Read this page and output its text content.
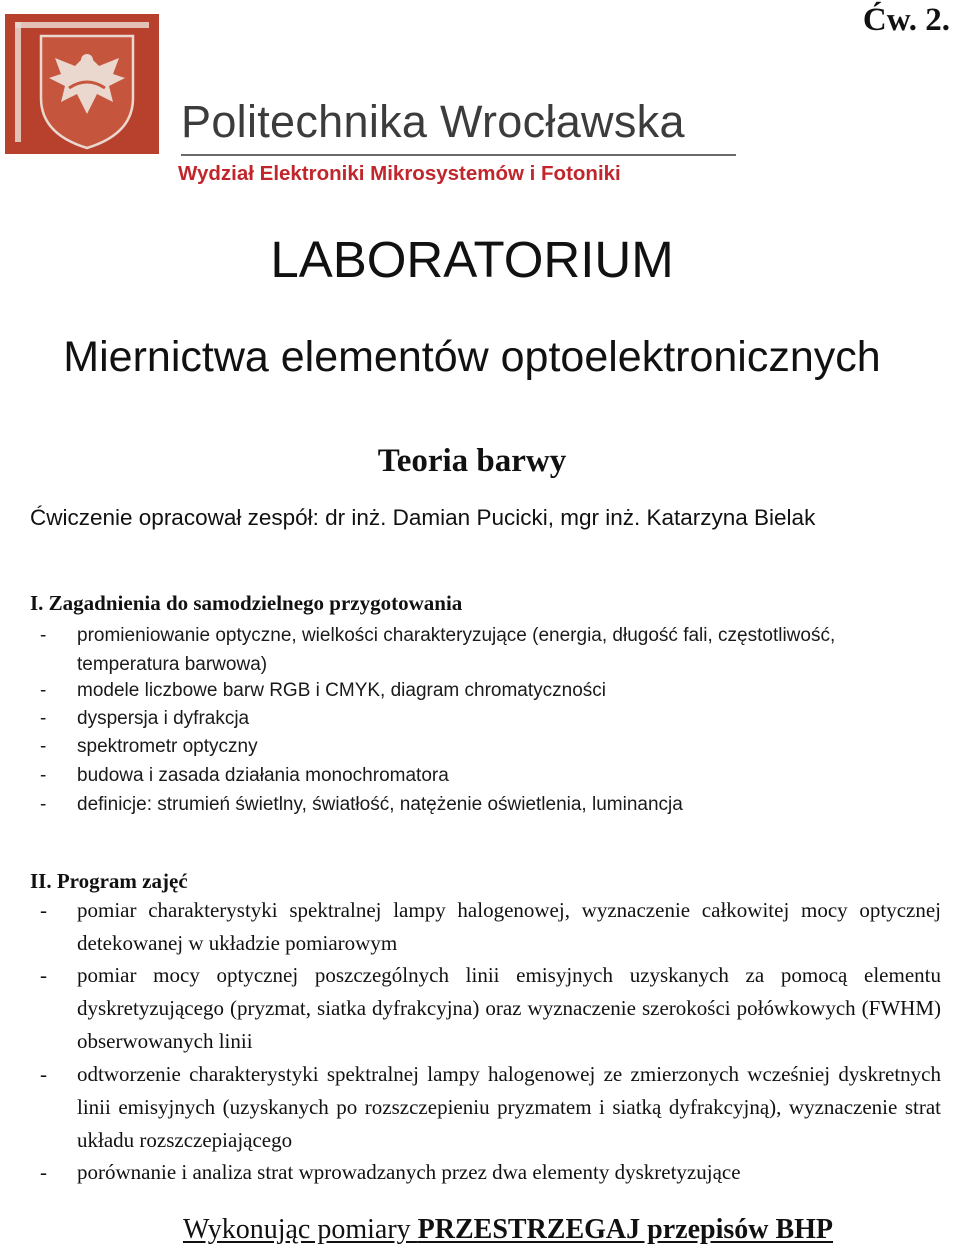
Ćw. 2.
Politechnika Wrocławska
Wydział Elektroniki Mikrosystemów i Fotoniki
LABORATORIUM
Miernictwa elementów optoelektronicznych
Teoria barwy
Ćwiczenie opracował zespół: dr inż. Damian Pucicki, mgr inż. Katarzyna Bielak
I. Zagadnienia do samodzielnego przygotowania
- promieniowanie optyczne, wielkości charakteryzujące (energia, długość fali, częstotliwość, temperatura barwowa)
- modele liczbowe barw RGB i CMYK, diagram chromatyczności
- dyspersja i dyfrakcja
- spektrometr optyczny
- budowa i zasada działania monochromatora
- definicje: strumień świetlny, światłość, natężenie oświetlenia, luminancja
II. Program zajęć
- pomiar charakterystyki spektralnej lampy halogenowej, wyznaczenie całkowitej mocy optycznej detekowanej w układzie pomiarowym
- pomiar mocy optycznej poszczególnych linii emisyjnych uzyskanych za pomocą elementu dyskretyzującego (pryzmat, siatka dyfrakcyjna) oraz wyznaczenie szerokości połówkowych (FWHM) obserwowanych linii
- odtworzenie charakterystyki spektralnej lampy halogenowej ze zmierzonych wcześniej dyskretnych linii emisyjnych (uzyskanych po rozszczepieniu pryzmatem i siatką dyfrakcyjną), wyznaczenie strat układu rozszczepiającego
- porównanie i analiza strat wprowadzanych przez dwa elementy dyskretyzujące
Wykonując pomiary PRZESTRZEGAJ przepisów BHP
